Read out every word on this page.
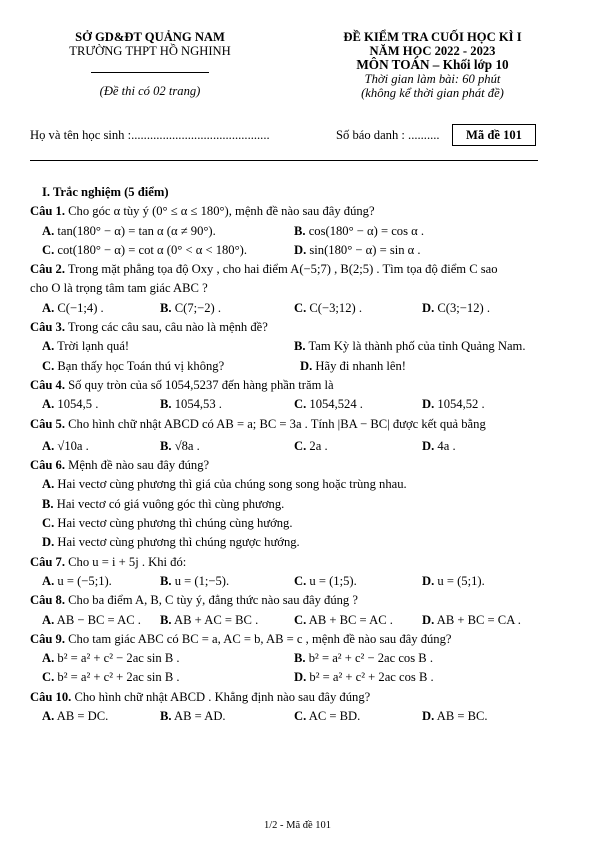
SỞ GD&ĐT QUẢNG NAM
TRƯỜNG THPT HỒ NGHINH
(Đề thi có 02 trang)
ĐỀ KIỂM TRA CUỐI HỌC KÌ I
NĂM HỌC 2022 - 2023
MÔN TOÁN – Khối lớp 10
Thời gian làm bài: 60 phút
(không kể thời gian phát đề)
Họ và tên học sinh :............................................	Số báo danh : ..........	Mã đề 101
I. Trắc nghiệm (5 điểm)
Câu 1. Cho góc α tùy ý (0° ≤ α ≤ 180°), mệnh đề nào sau đây đúng?
A. tan(180° − α) = tan α (α ≠ 90°).	B. cos(180° − α) = cos α .
C. cot(180° − α) = cot α (0° < α < 180°).	D. sin(180° − α) = sin α .
Câu 2. Trong mặt phẳng tọa độ Oxy , cho hai điểm A(−5;7) , B(2;5) . Tìm tọa độ điểm C sao
cho O là trọng tâm tam giác ABC ?
A. C(−1;4) .	B. C(7;−2) .	C. C(−3;12) .	D. C(3;−12) .
Câu 3. Trong các câu sau, câu nào là mệnh đề?
A. Trời lạnh quá!	B. Tam Kỳ là thành phố của tỉnh Quảng Nam.
C. Bạn thấy học Toán thú vị không?	D. Hãy đi nhanh lên!
Câu 4. Số quy tròn của số 1054,5237 đến hàng phần trăm là
A. 1054,5 .	B. 1054,53 .	C. 1054,524 .	D. 1054,52 .
Câu 5. Cho hình chữ nhật ABCD có AB = a; BC = 3a . Tính |BA − BC| được kết quả bằng
A. √10a .	B. √8a .	C. 2a .	D. 4a .
Câu 6. Mệnh đề nào sau đây đúng?
A. Hai vectơ cùng phương thì giá của chúng song song hoặc trùng nhau.
B. Hai vectơ có giá vuông góc thì cùng phương.
C. Hai vectơ cùng phương thì chúng cùng hướng.
D. Hai vectơ cùng phương thì chúng ngược hướng.
Câu 7. Cho u = i + 5j . Khi đó:
A. u = (−5;1).	B. u = (1;−5).	C. u = (1;5).	D. u = (5;1).
Câu 8. Cho ba điểm A, B, C tùy ý, đẳng thức nào sau đây đúng ?
A. AB − BC = AC . B. AB + AC = BC .	C. AB + BC = AC . D. AB + BC = CA .
Câu 9. Cho tam giác ABC có BC = a, AC = b, AB = c , mệnh đề nào sau đây đúng?
A. b² = a² + c² − 2ac sin B .	B. b² = a² + c² − 2ac cos B .
C. b² = a² + c² + 2ac sin B .	D. b² = a² + c² + 2ac cos B .
Câu 10. Cho hình chữ nhật ABCD . Khẳng định nào sau đây đúng?
A. AB = DC.	B. AB = AD.	C. AC = BD.	D. AB = BC.
1/2 - Mã đề 101
